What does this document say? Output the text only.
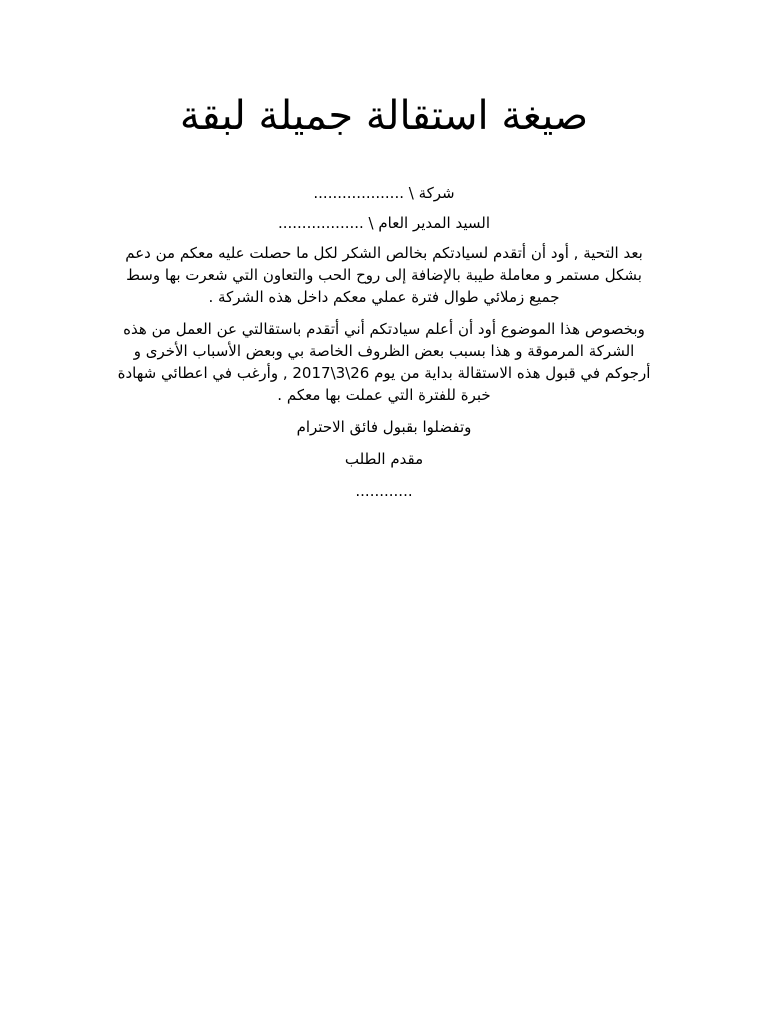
صيغة استقالة جميلة لبقة

شركة \ ...................

السيد المدير العام \ ..................

بعد التحية , أود أن أتقدم لسيادتكم بخالص الشكر لكل ما حصلت عليه معكم من دعم بشكل مستمر و معاملة طيبة بالإضافة إلى روح الحب والتعاون التي شعرت بها وسط جميع زملائي طوال فترة عملي معكم داخل هذه الشركة .

وبخصوص هذا الموضوع أود أن أعلم سيادتكم أني أتقدم باستقالتي عن العمل من هذه الشركة المرموقة و هذا بسبب بعض الظروف الخاصة بي وبعض الأسباب الأخرى و أرجوكم في قبول هذه الاستقالة بداية من يوم 26\3\2017 , وأرغب في اعطائي شهادة خبرة للفترة التي عملت بها معكم .

وتفضلوا بقبول فائق الاحترام

مقدم الطلب

............
